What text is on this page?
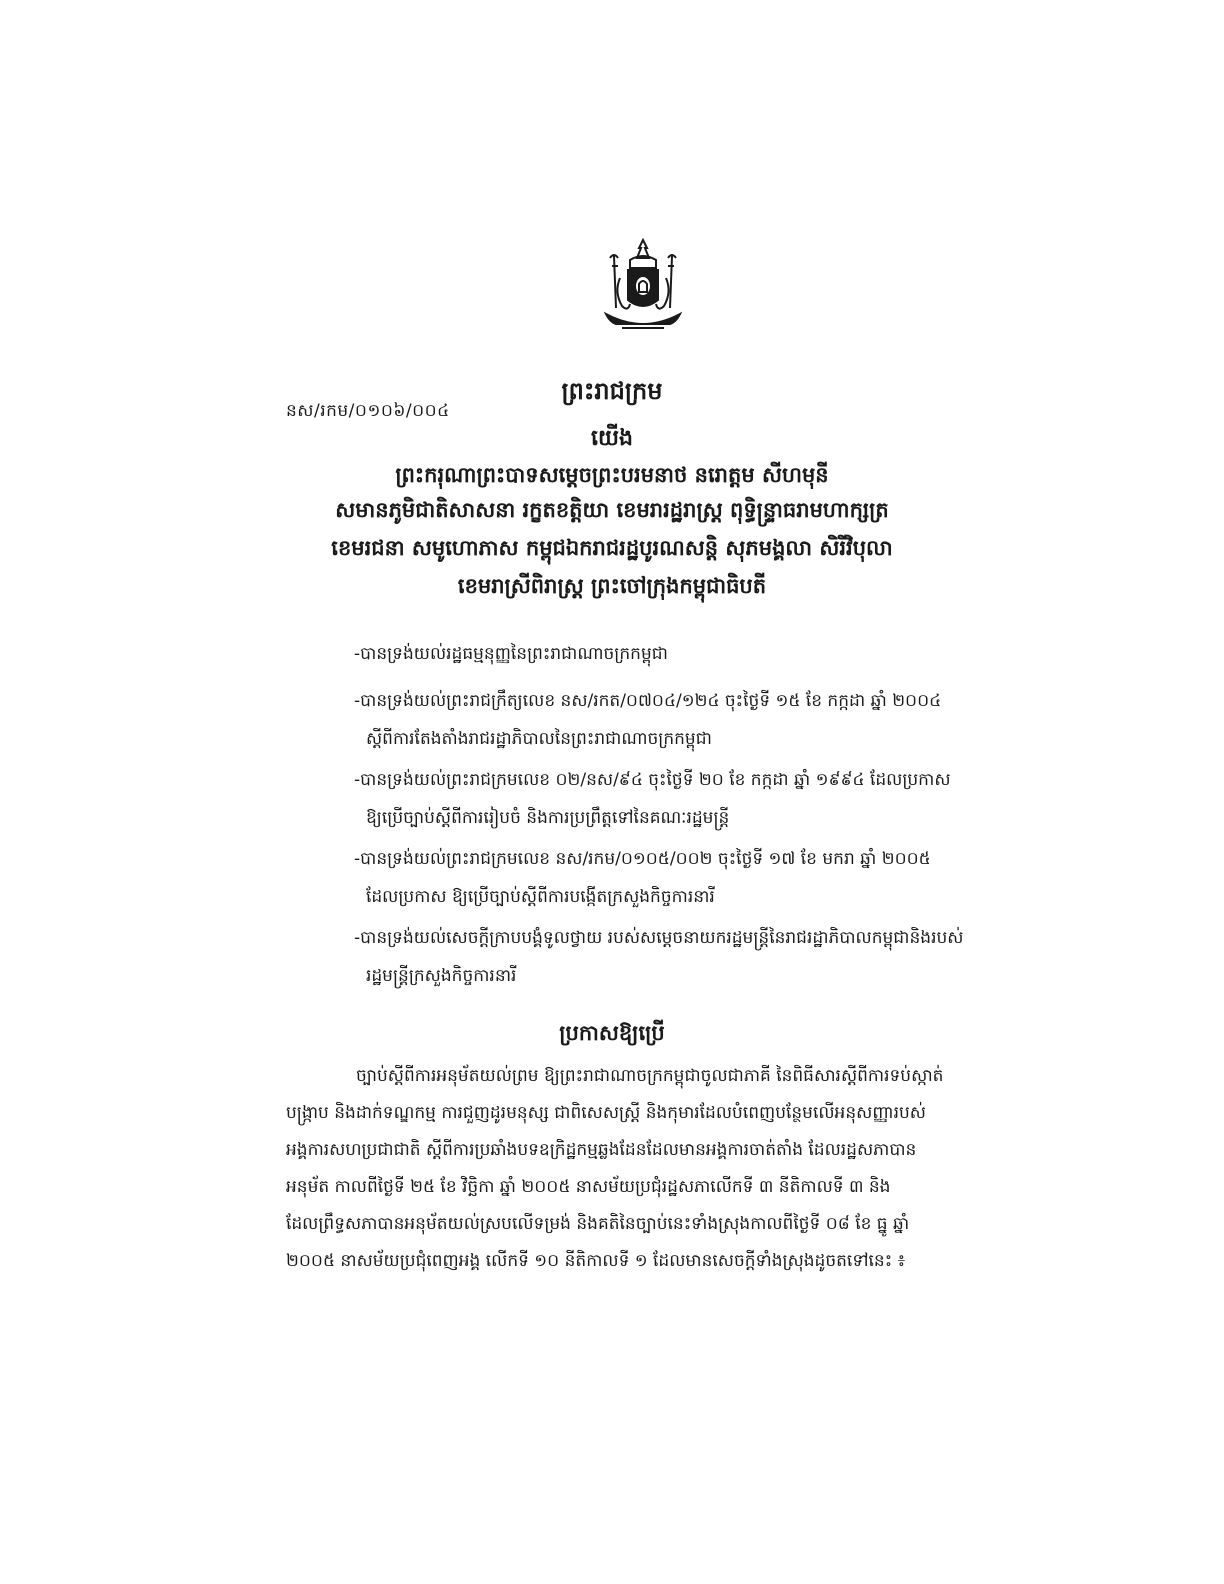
ព្រះរាជក្រម
នស/រកម/០១០៦/០០៤
យើង
ព្រះករុណាព្រះបាទសម្ដេចព្រះបរមនាថ នរោត្តម សីហមុនី
សមានភូមិជាតិសាសនា រក្ខតខត្តិយា ខេមរារដ្ឋរាស្ត្រ ពុទ្ធិន្ទ្រាធរាមហាក្សត្រ
ខេមរជនា សមូហោភាស កម្ពុជឯករាជរដ្ឋបូរណសន្តិ សុភមង្គលា សិរីវិបុលា
ខេមរាស្រីពិរាស្ត្រ ព្រះចៅក្រុងកម្ពុជាធិបតី
-បានទ្រង់យល់រដ្ឋធម្មនុញ្ញនៃព្រះរាជាណាចក្រកម្ពុជា
-បានទ្រង់យល់ព្រះរាជក្រឹត្យលេខ នស/រកត/០៧០៤/១២៤ ចុះថ្ងៃទី ១៥ ខែ កក្កដា ឆ្នាំ ២០០៤
ស្ដីពីការតែងតាំងរាជរដ្ឋាភិបាលនៃព្រះរាជាណាចក្រកម្ពុជា
-បានទ្រង់យល់ព្រះរាជក្រមលេខ ០២/នស/៩៤ ចុះថ្ងៃទី ២០ ខែ កក្កដា ឆ្នាំ ១៩៩៤ ដែលប្រកាស
ឱ្យប្រើច្បាប់ស្ដីពីការរៀបចំ និងការប្រព្រឹត្តទៅនៃគណៈរដ្ឋមន្ត្រី
-បានទ្រង់យល់ព្រះរាជក្រមលេខ នស/រកម/០១០៥/០០២ ចុះថ្ងៃទី ១៧ ខែ មករា ឆ្នាំ ២០០៥
ដែលប្រកាស ឱ្យប្រើច្បាប់ស្ដីពីការបង្កើតក្រសួងកិច្ចការនារី
-បានទ្រង់យល់សេចក្ដីក្រាបបង្គំទូលថ្វាយ របស់សម្ដេចនាយករដ្ឋមន្ត្រីនៃរាជរដ្ឋាភិបាលកម្ពុជានិងរបស់
រដ្ឋមន្ត្រីក្រសួងកិច្ចការនារី
ប្រកាសឱ្យប្រើ
ច្បាប់ស្ដីពីការអនុម័តយល់ព្រម ឱ្យព្រះរាជាណាចក្រកម្ពុជាចូលជាភាគី នៃពិធីសារស្ដីពីការទប់ស្កាត់
បង្ក្រាប និងដាក់ទណ្ឌកម្ម ការជួញដូរមនុស្ស ជាពិសេសស្ត្រី និងកុមារដែលបំពេញបន្ថែមលើអនុសញ្ញារបស់
អង្គការសហប្រជាជាតិ ស្ដីពីការប្រឆាំងបទឧក្រិដ្ឋកម្មឆ្លងដែនដែលមានអង្គការចាត់តាំង ដែលរដ្ឋសភាបាន
អនុម័ត កាលពីថ្ងៃទី ២៥ ខែ វិច្ឆិកា ឆ្នាំ ២០០៥ នាសម័យប្រជុំរដ្ឋសភាលើកទី ៣ នីតិកាលទី ៣ និង
ដែលព្រឹទ្ធសភាបានអនុម័តយល់ស្របលើទម្រង់ និងគតិនៃច្បាប់នេះទាំងស្រុងកាលពីថ្ងៃទី ០៨ ខែ ធ្នូ ឆ្នាំ
២០០៥ នាសម័យប្រជុំពេញអង្គ លើកទី ១០ នីតិកាលទី ១ ដែលមានសេចក្ដីទាំងស្រុងដូចតទៅនេះ ៖
